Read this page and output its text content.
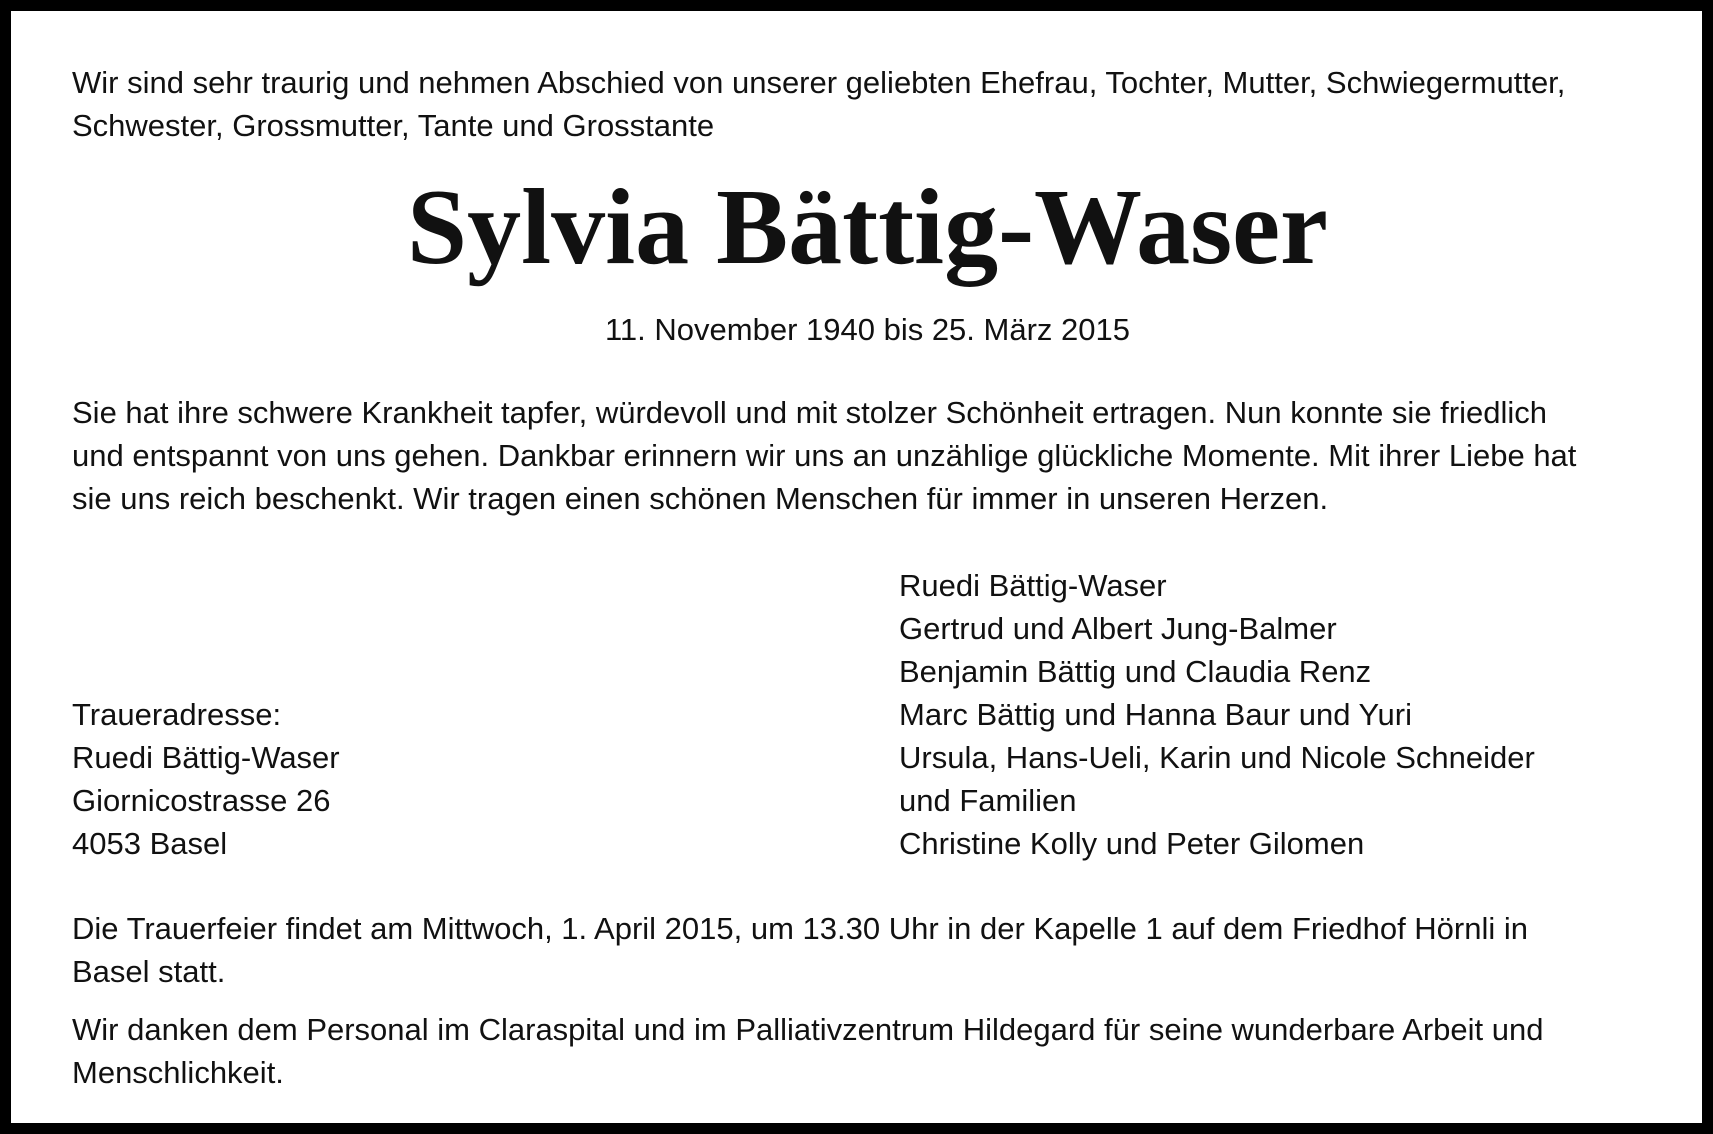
Wir sind sehr traurig und nehmen Abschied von unserer geliebten Ehefrau, Tochter, Mutter, Schwiegermutter,
Schwester, Grossmutter, Tante und Grosstante

Sylvia Bättig-Waser

11. November 1940 bis 25. März 2015

Sie hat ihre schwere Krankheit tapfer, würdevoll und mit stolzer Schönheit ertragen. Nun konnte sie friedlich
und entspannt von uns gehen. Dankbar erinnern wir uns an unzählige glückliche Momente. Mit ihrer Liebe hat
sie uns reich beschenkt. Wir tragen einen schönen Menschen für immer in unseren Herzen.

Ruedi Bättig-Waser
Gertrud und Albert Jung-Balmer
Benjamin Bättig und Claudia Renz
Marc Bättig und Hanna Baur und Yuri
Ursula, Hans-Ueli, Karin und Nicole Schneider
und Familien
Christine Kolly und Peter Gilomen
Traueradresse:
Ruedi Bättig-Waser
Giornicostrasse 26
4053 Basel

Die Trauerfeier findet am Mittwoch, 1. April 2015, um 13.30 Uhr in der Kapelle 1 auf dem Friedhof Hörnli in
Basel statt.

Wir danken dem Personal im Claraspital und im Palliativzentrum Hildegard für seine wunderbare Arbeit und
Menschlichkeit.
